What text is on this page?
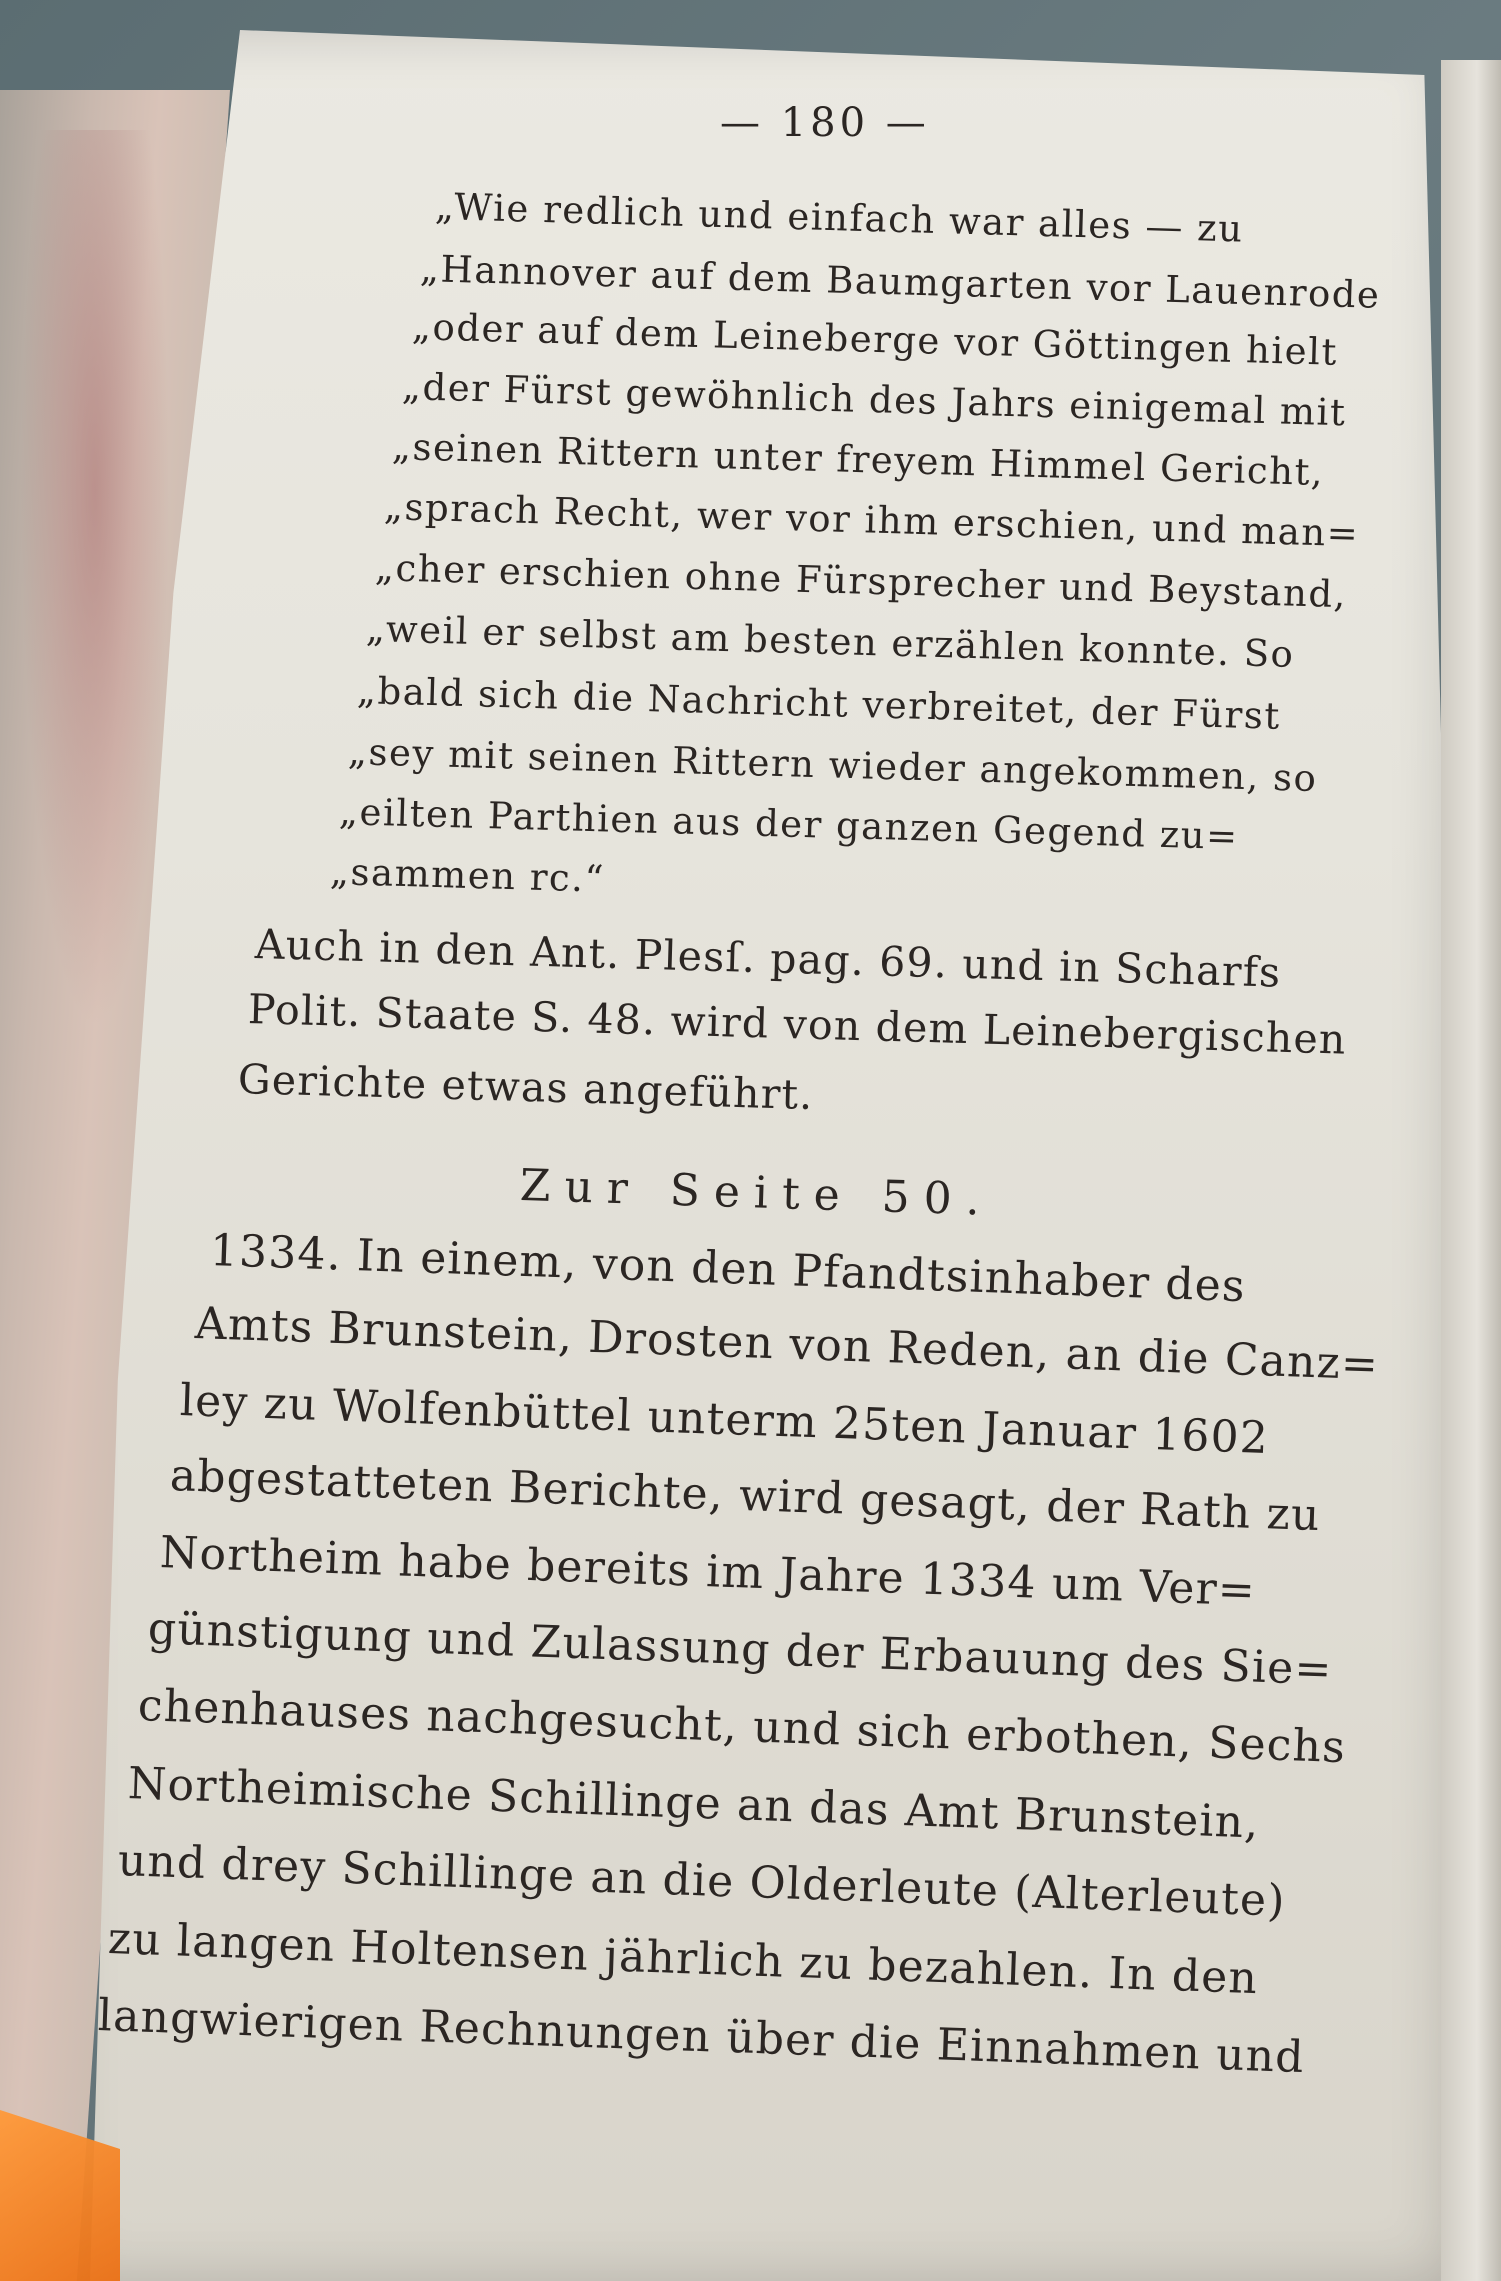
— 180 —
„Wie redlich und einfach war alles — zu
„Hannover auf dem Baumgarten vor Lauenrode
„oder auf dem Leineberge vor Göttingen hielt
„der Fürst gewöhnlich des Jahrs einigemal mit
„seinen Rittern unter freyem Himmel Gericht,
„sprach Recht, wer vor ihm erschien, und man=
„cher erschien ohne Fürsprecher und Beystand,
„weil er selbst am besten erzählen konnte. So
„bald sich die Nachricht verbreitet, der Fürst
„sey mit seinen Rittern wieder angekommen, so
„eilten Parthien aus der ganzen Gegend zu=
„sammen rc.“
Auch in den Ant. Plesſ. pag. 69. und in Scharfs
Polit. Staate S. 48. wird von dem Leinebergischen
Gerichte etwas angeführt.
Zur Seite 50.
1334. In einem, von den Pfandtsinhaber des
Amts Brunstein, Drosten von Reden, an die Canz=
ley zu Wolfenbüttel unterm 25ten Januar 1602
abgestatteten Berichte, wird gesagt, der Rath zu
Northeim habe bereits im Jahre 1334 um Ver=
günstigung und Zulassung der Erbauung des Sie=
chenhauses nachgesucht, und sich erbothen, Sechs
Northeimische Schillinge an das Amt Brunstein,
und drey Schillinge an die Olderleute (Alterleute)
zu langen Holtensen jährlich zu bezahlen. In den
langwierigen Rechnungen über die Einnahmen und
